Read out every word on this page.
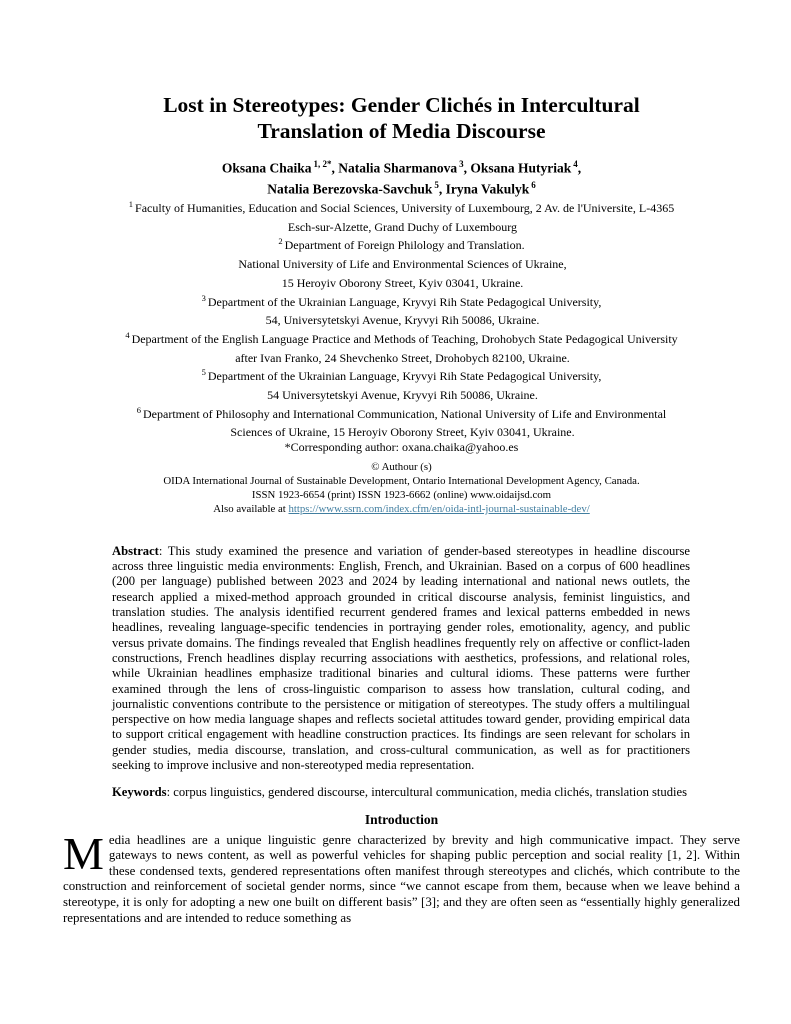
Lost in Stereotypes: Gender Clichés in Intercultural
Translation of Media Discourse
Oksana Chaika $^{1, 2*}$, Natalia Sharmanova $^3$, Oksana Hutyriak $^4$,
Natalia Berezovska-Savchuk $^5$, Iryna Vakulyk $^6$
$^1$ Faculty of Humanities, Education and Social Sciences, University of Luxembourg, 2 Av. de l'Universite, L-4365
Esch-sur-Alzette, Grand Duchy of Luxembourg
$^2$ Department of Foreign Philology and Translation.
National University of Life and Environmental Sciences of Ukraine,
15 Heroyiv Oborony Street, Kyiv 03041, Ukraine.
$^3$ Department of the Ukrainian Language, Kryvyi Rih State Pedagogical University,
54, Universytetskyi Avenue, Kryvyi Rih 50086, Ukraine.
$^4$ Department of the English Language Practice and Methods of Teaching, Drohobych State Pedagogical University
after Ivan Franko, 24 Shevchenko Street, Drohobych 82100, Ukraine.
$^5$ Department of the Ukrainian Language, Kryvyi Rih State Pedagogical University,
54 Universytetskyi Avenue, Kryvyi Rih 50086, Ukraine.
$^6$ Department of Philosophy and International Communication, National University of Life and Environmental
Sciences of Ukraine, 15 Heroyiv Oborony Street, Kyiv 03041, Ukraine.
*Corresponding author: oxana.chaika@yahoo.es
© Authour (s)
OIDA International Journal of Sustainable Development, Ontario International Development Agency, Canada.
ISSN 1923-6654 (print) ISSN 1923-6662 (online) www.oidaijsd.com
Also available at https://www.ssrn.com/index.cfm/en/oida-intl-journal-sustainable-dev/

Abstract: This study examined the presence and variation of gender-based stereotypes in headline discourse across three linguistic media environments: English, French, and Ukrainian. Based on a corpus of 600 headlines (200 per language) published between 2023 and 2024 by leading international and national news outlets, the research applied a mixed-method approach grounded in critical discourse analysis, feminist linguistics, and translation studies. The analysis identified recurrent gendered frames and lexical patterns embedded in news headlines, revealing language-specific tendencies in portraying gender roles, emotionality, agency, and public versus private domains. The findings revealed that English headlines frequently rely on affective or conflict-laden constructions, French headlines display recurring associations with aesthetics, professions, and relational roles, while Ukrainian headlines emphasize traditional binaries and cultural idioms. These patterns were further examined through the lens of cross-linguistic comparison to assess how translation, cultural coding, and journalistic conventions contribute to the persistence or mitigation of stereotypes. The study offers a multilingual perspective on how media language shapes and reflects societal attitudes toward gender, providing empirical data to support critical engagement with headline construction practices. Its findings are seen relevant for scholars in gender studies, media discourse, translation, and cross-cultural communication, as well as for practitioners seeking to improve inclusive and non-stereotyped media representation.

Keywords: corpus linguistics, gendered discourse, intercultural communication, media clichés, translation studies

Introduction

Media headlines are a unique linguistic genre characterized by brevity and high communicative impact. They serve gateways to news content, as well as powerful vehicles for shaping public perception and social reality [1, 2]. Within these condensed texts, gendered representations often manifest through stereotypes and clichés, which contribute to the construction and reinforcement of societal gender norms, since “we cannot escape from them, because when we leave behind a stereotype, it is only for adopting a new one built on different basis” [3]; and they are often seen as “essentially highly generalized representations and are intended to reduce something as
